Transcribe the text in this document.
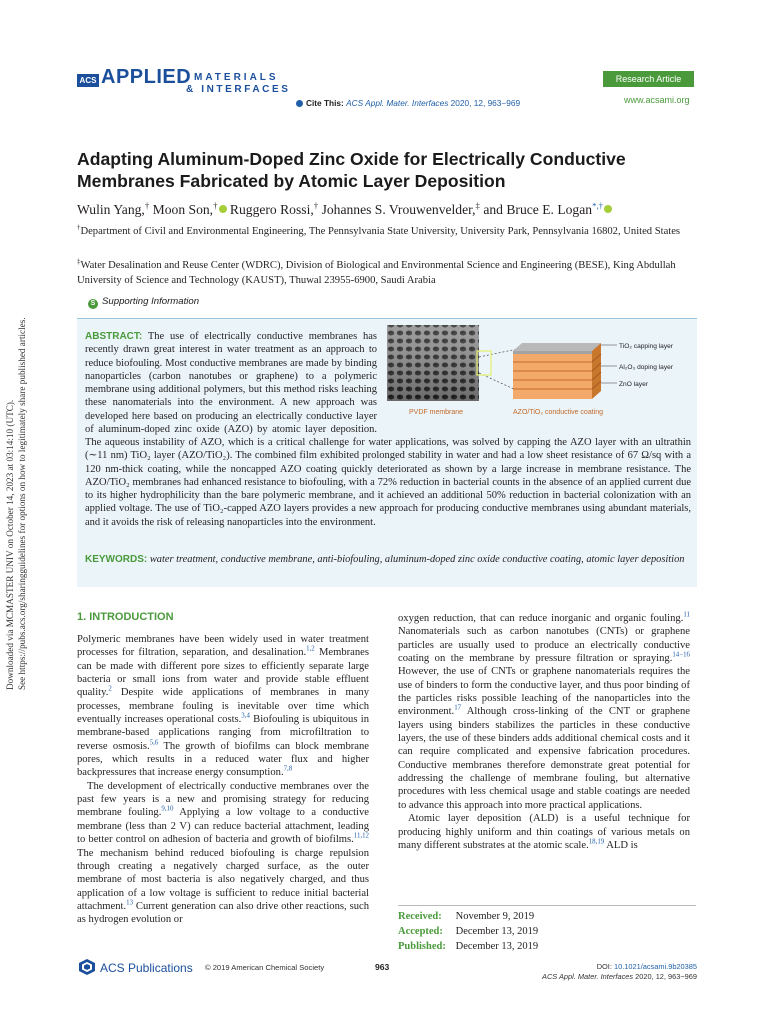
Downloaded via MCMASTER UNIV on October 14, 2023 at 03:14:10 (UTC). See https://pubs.acs.org/sharingguidelines for options on how to legitimately share published articles.
ACS APPLIED MATERIALS
& INTERFACES
Cite This: ACS Appl. Mater. Interfaces 2020, 12, 963−969
Research Article
www.acsami.org
Adapting Aluminum-Doped Zinc Oxide for Electrically Conductive Membranes Fabricated by Atomic Layer Deposition
Wulin Yang,† Moon Son,† Ruggero Rossi,† Johannes S. Vrouwenvelder,‡ and Bruce E. Logan*,†
†Department of Civil and Environmental Engineering, The Pennsylvania State University, University Park, Pennsylvania 16802, United States
‡Water Desalination and Reuse Center (WDRC), Division of Biological and Environmental Science and Engineering (BESE), King Abdullah University of Science and Technology (KAUST), Thuwal 23955-6900, Saudi Arabia
S Supporting Information
TiO₂ capping layer
Al₂O₃ doping layer
ZnO layer
PVDF membrane	AZO/TiO₂ conductive coating
ABSTRACT: The use of electrically conductive membranes has recently drawn great interest in water treatment as an approach to reduce biofouling. Most conductive membranes are made by binding nanoparticles (carbon nanotubes or graphene) to a polymeric membrane using additional polymers, but this method risks leaching these nanomaterials into the environment. A new approach was developed here based on producing an electrically conductive layer of aluminum-doped zinc oxide (AZO) by atomic layer deposition. The aqueous instability of AZO, which is a critical challenge for water applications, was solved by capping the AZO layer with an ultrathin (∼11 nm) TiO₂ layer (AZO/TiO₂). The combined film exhibited prolonged stability in water and had a low sheet resistance of 67 Ω/sq with a 120 nm-thick coating, while the noncapped AZO coating quickly deteriorated as shown by a large increase in membrane resistance. The AZO/TiO₂ membranes had enhanced resistance to biofouling, with a 72% reduction in bacterial counts in the absence of an applied current due to its higher hydrophilicity than the bare polymeric membrane, and it achieved an additional 50% reduction in bacterial colonization with an applied voltage. The use of TiO₂-capped AZO layers provides a new approach for producing conductive membranes using abundant materials, and it avoids the risk of releasing nanoparticles into the environment.
KEYWORDS: water treatment, conductive membrane, anti-biofouling, aluminum-doped zinc oxide conductive coating, atomic layer deposition
1. INTRODUCTION

Polymeric membranes have been widely used in water treatment processes for filtration, separation, and desalination.$^{1,2}$ Membranes can be made with different pore sizes to efficiently separate large bacteria or small ions from water and provide stable effluent quality.$^2$ Despite wide applications of membranes in many processes, membrane fouling is inevitable over time which eventually increases operational costs.$^{3,4}$ Biofouling is ubiquitous in membrane-based applications ranging from microfiltration to reverse osmosis.$^{5,6}$ The growth of biofilms can block membrane pores, which results in a reduced water flux and higher backpressures that increase energy consumption.$^{7,8}$

The development of electrically conductive membranes over the past few years is a new and promising strategy for reducing membrane fouling.$^{9,10}$ Applying a low voltage to a conductive membrane (less than 2 V) can reduce bacterial attachment, leading to better control on adhesion of bacteria and growth of biofilms.$^{11,12}$ The mechanism behind reduced biofouling is charge repulsion through creating a negatively charged surface, as the outer membrane of most bacteria is also negatively charged, and thus application of a low voltage is sufficient to reduce initial bacterial attachment.$^{13}$ Current generation can also drive other reactions, such as hydrogen evolution or

oxygen reduction, that can reduce inorganic and organic fouling.$^{11}$ Nanomaterials such as carbon nanotubes (CNTs) or graphene particles are usually used to produce an electrically conductive coating on the membrane by pressure filtration or spraying.$^{14-16}$ However, the use of CNTs or graphene nanomaterials requires the use of binders to form the conductive layer, and thus poor binding of the particles risks possible leaching of the nanoparticles into the environment.$^{17}$ Although cross-linking of the CNT or graphene layers using binders stabilizes the particles in these conductive layers, the use of these binders adds additional chemical costs and it can require complicated and expensive fabrication procedures. Conductive membranes therefore demonstrate great potential for addressing the challenge of membrane fouling, but alternative procedures with less chemical usage and stable coatings are needed to advance this approach into more practical applications.

Atomic layer deposition (ALD) is a useful technique for producing highly uniform and thin coatings of various metals on many different substrates at the atomic scale.$^{18,19}$ ALD is

Received: November 9, 2019
Accepted: December 13, 2019
Published: December 13, 2019
ACS Publications © 2019 American Chemical Society	963	DOI: 10.1021/acsami.9b20385
ACS Appl. Mater. Interfaces 2020, 12, 963−969
